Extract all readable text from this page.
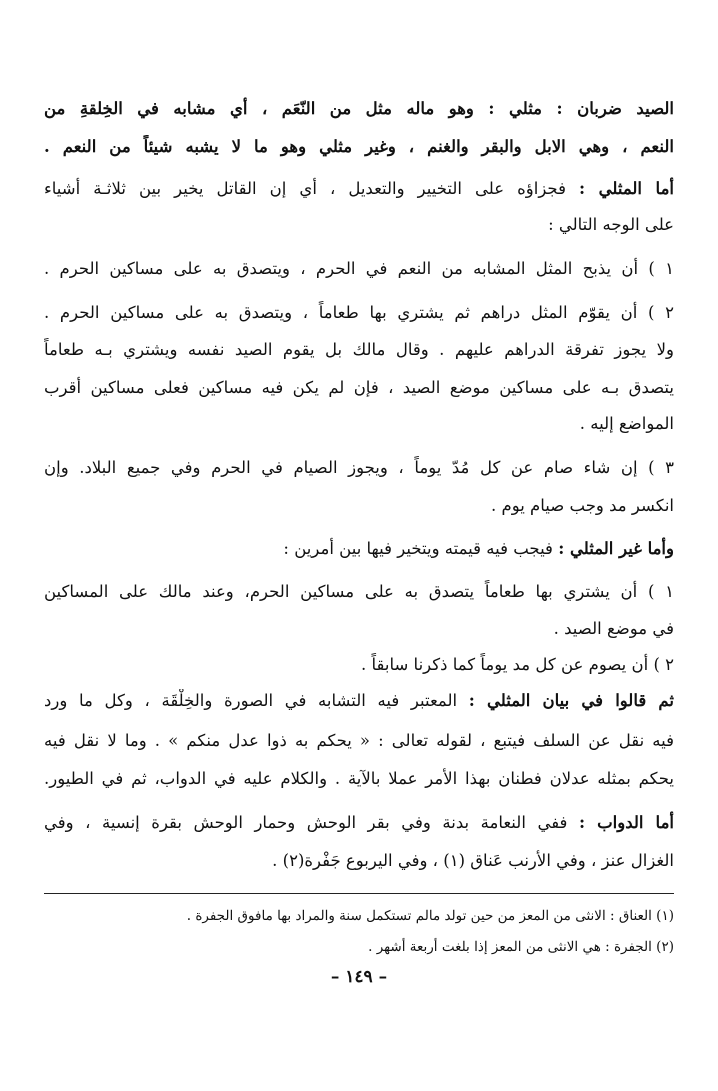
الصيد ضربان : مثلي : وهو ماله مثل من النّعَم ، أي مشابه في الخِلقةِ من
النعم ، وهي الابل والبقر والغنم ، وغير مثلي وهو ما لا يشبه شيئاً من النعم .
أما المثلي : فجزاؤه على التخيير والتعديل ، أي إن القاتل يخير بين ثلاثـة أشياء
على الوجه التالي :
١ ) أن يذبح المثل المشابه من النعم في الحرم ، ويتصدق به على مساكين الحرم .
٢ ) أن يقوّم المثل دراهم ثم يشتري بها طعاماً ، ويتصدق به على مساكين الحرم .
ولا يجوز تفرقة الدراهم عليهم . وقال مالك بل يقوم الصيد نفسه ويشتري بـه طعاماً
يتصدق بـه على مساكين موضع الصيد ، فإن لم يكن فيه مساكين فعلى مساكين أقرب
المواضع إليه .
٣ ) إن شاء صام عن كل مُدّ يوماً ، ويجوز الصيام في الحرم وفي جميع البلاد. وإن
انكسر مد وجب صيام يوم .
وأما غير المثلي : فيجب فيه قيمته ويتخير فيها بين أمرين :
١ ) أن يشتري بها طعاماً يتصدق به على مساكين الحرم، وعند مالك على المساكين
في موضع الصيد .
٢ ) أن يصوم عن كل مد يوماً كما ذكرنا سابقاً .
ثم قالوا في بيان المثلي : المعتبر فيه التشابه في الصورة والخِلْقَة ، وكل ما ورد
فيه نقل عن السلف فيتبع ، لقوله تعالى : « يحكم به ذوا عدل منكم » . وما لا نقل فيه
يحكم بمثله عدلان فطنان بهذا الأمر عملا بالآية . والكلام عليه في الدواب، ثم في الطيور.
أما الدواب : ففي النعامة بدنة وفي بقر الوحش وحمار الوحش بقرة إنسية ، وفي
الغزال عنز ، وفي الأرنب عَناق (١) ، وفي اليربوع جَفْرة(٢) .
(١) العناق : الانثى من المعز من حين تولد مالم تستكمل سنة والمراد بها مافوق الجفرة .
(٢) الجفرة : هي الانثى من المعز إذا بلغت أربعة أشهر .
– ١٤٩ –
